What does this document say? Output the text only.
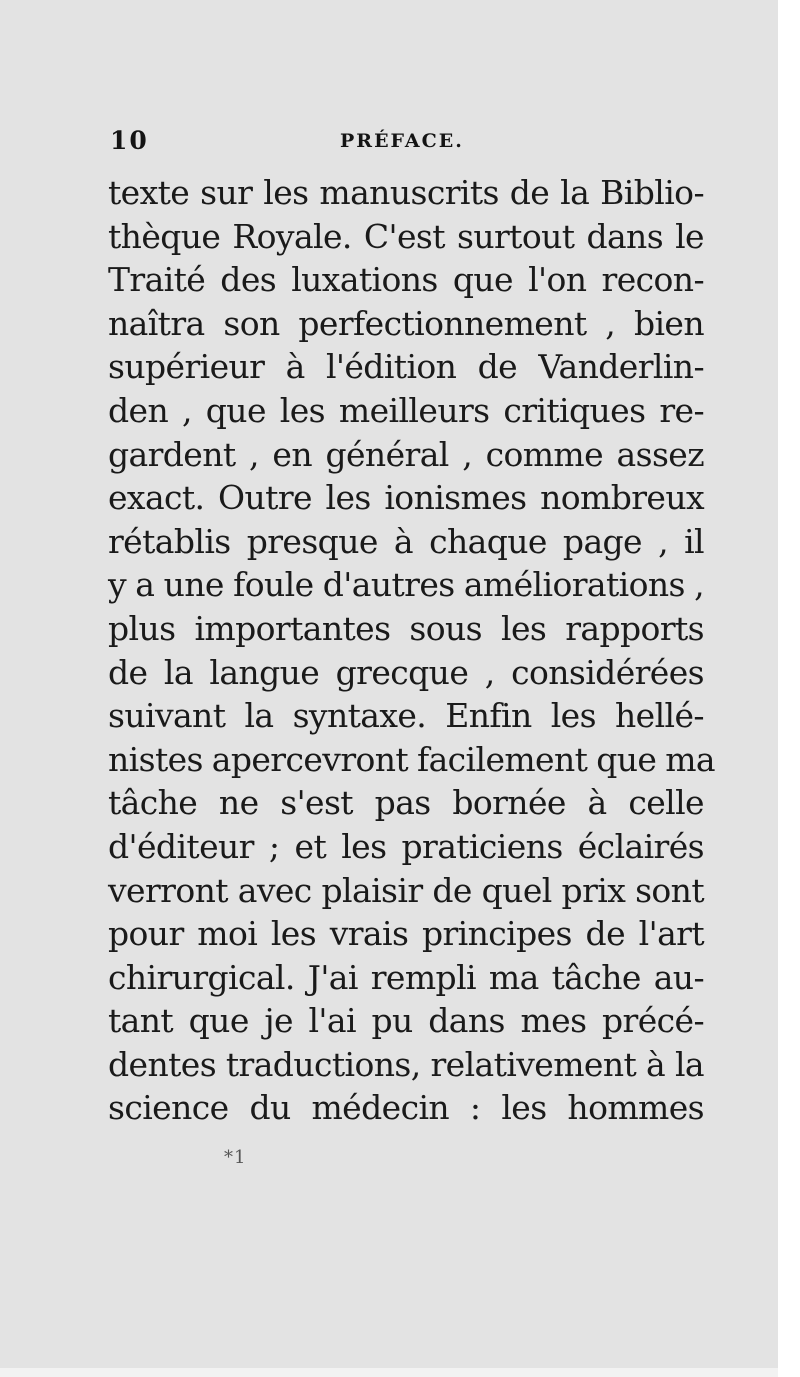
10	PRÉFACE.
texte sur les manuscrits de la Biblio-
thèque Royale. C'est surtout dans le
Traité des luxations que l'on recon-
naîtra son perfectionnement , bien
supérieur à l'édition de Vanderlin-
den , que les meilleurs critiques re-
gardent , en général , comme assez
exact. Outre les ionismes nombreux
rétablis presque à chaque page , il
y a une foule d'autres améliorations ,
plus importantes sous les rapports
de la langue grecque , considérées
suivant la syntaxe. Enfin les hellé-
nistes apercevront facilement que ma
tâche ne s'est pas bornée à celle
d'éditeur ; et les praticiens éclairés
verront avec plaisir de quel prix sont
pour moi les vrais principes de l'art
chirurgical. J'ai rempli ma tâche au-
tant que je l'ai pu dans mes précé-
dentes traductions, relativement à la
science du médecin : les hommes
*1
